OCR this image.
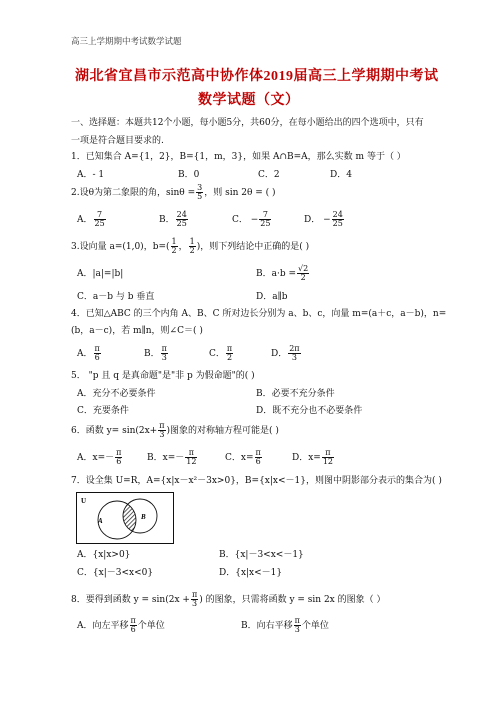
高三上学期期中考试数学试题
湖北省宜昌市示范高中协作体2019届高三上学期期中考试
数学试题（文）
一、选择题：本题共12个小题，每小题5分，共60分，在每小题给出的四个选项中，只有
一项是符合题目要求的.
1．已知集合 A={1，2}，B={1，m，3}，如果 A∩B=A，那么实数 m 等于（ ）
A．- 1	B．0	C．2	D．4
2.设θ为第二象限的角，$\sin\theta = \frac{3}{5}$ ，则 sin 2θ = ( )
A． $\frac{7}{25}$	B． $\frac{24}{25}$	C． − $\frac{7}{25}$	D． − $\frac{24}{25}$
3.设向量 a=(1,0)，$b=( \frac{1}{2}$ ， $\frac{1}{2}$ )，则下列结论中正确的是( )
A．|a|=|b|	B．$a\cdot b = \frac{√2}{2}$
C．a－b 与 b 垂直	D．a∥b
4．已知△ABC 的三个内角 A、B、C 所对边长分别为 a、b、c，向量 m=(a＋c，a－b)，n=
(b，a－c)，若 m∥n，则∠C＝( )
A． $\frac{\pi}{6}$	B． $\frac{\pi}{3}$	C． $\frac{\pi}{2}$	D． $\frac{2\pi}{3}$
5． "p 且 q 是真命题"是"非 p 为假命题"的( )
A．充分不必要条件	B．必要不充分条件
C．充要条件	D．既不充分也不必要条件
6．函数 $y= \sin(2x+ \frac{\pi}{3}$ )图象的对称轴方程可能是( )
A．$x=- \frac{\pi}{6}$	B．$x=- \frac{\pi}{12}$	C．$x= \frac{\pi}{6}$	D．$x= \frac{\pi}{12}$
7．设全集 U=R，A={x|x－x²－3x>0}，B={x|x<－1}，则图中阴影部分表示的集合为( )
U
A	B
A．{x|x>0}	B．{x|－3<x<－1}
C．{x|－3<x<0}	D．{x|x<－1}
8．要得到函数 $y = \sin(2x + \frac{\pi}{3}$ ) 的图象，只需将函数 y = sin 2x 的图象（ ）
A．向左平移 $\frac{\pi}{6}$ 个单位	B．向右平移 $\frac{\pi}{3}$ 个单位
